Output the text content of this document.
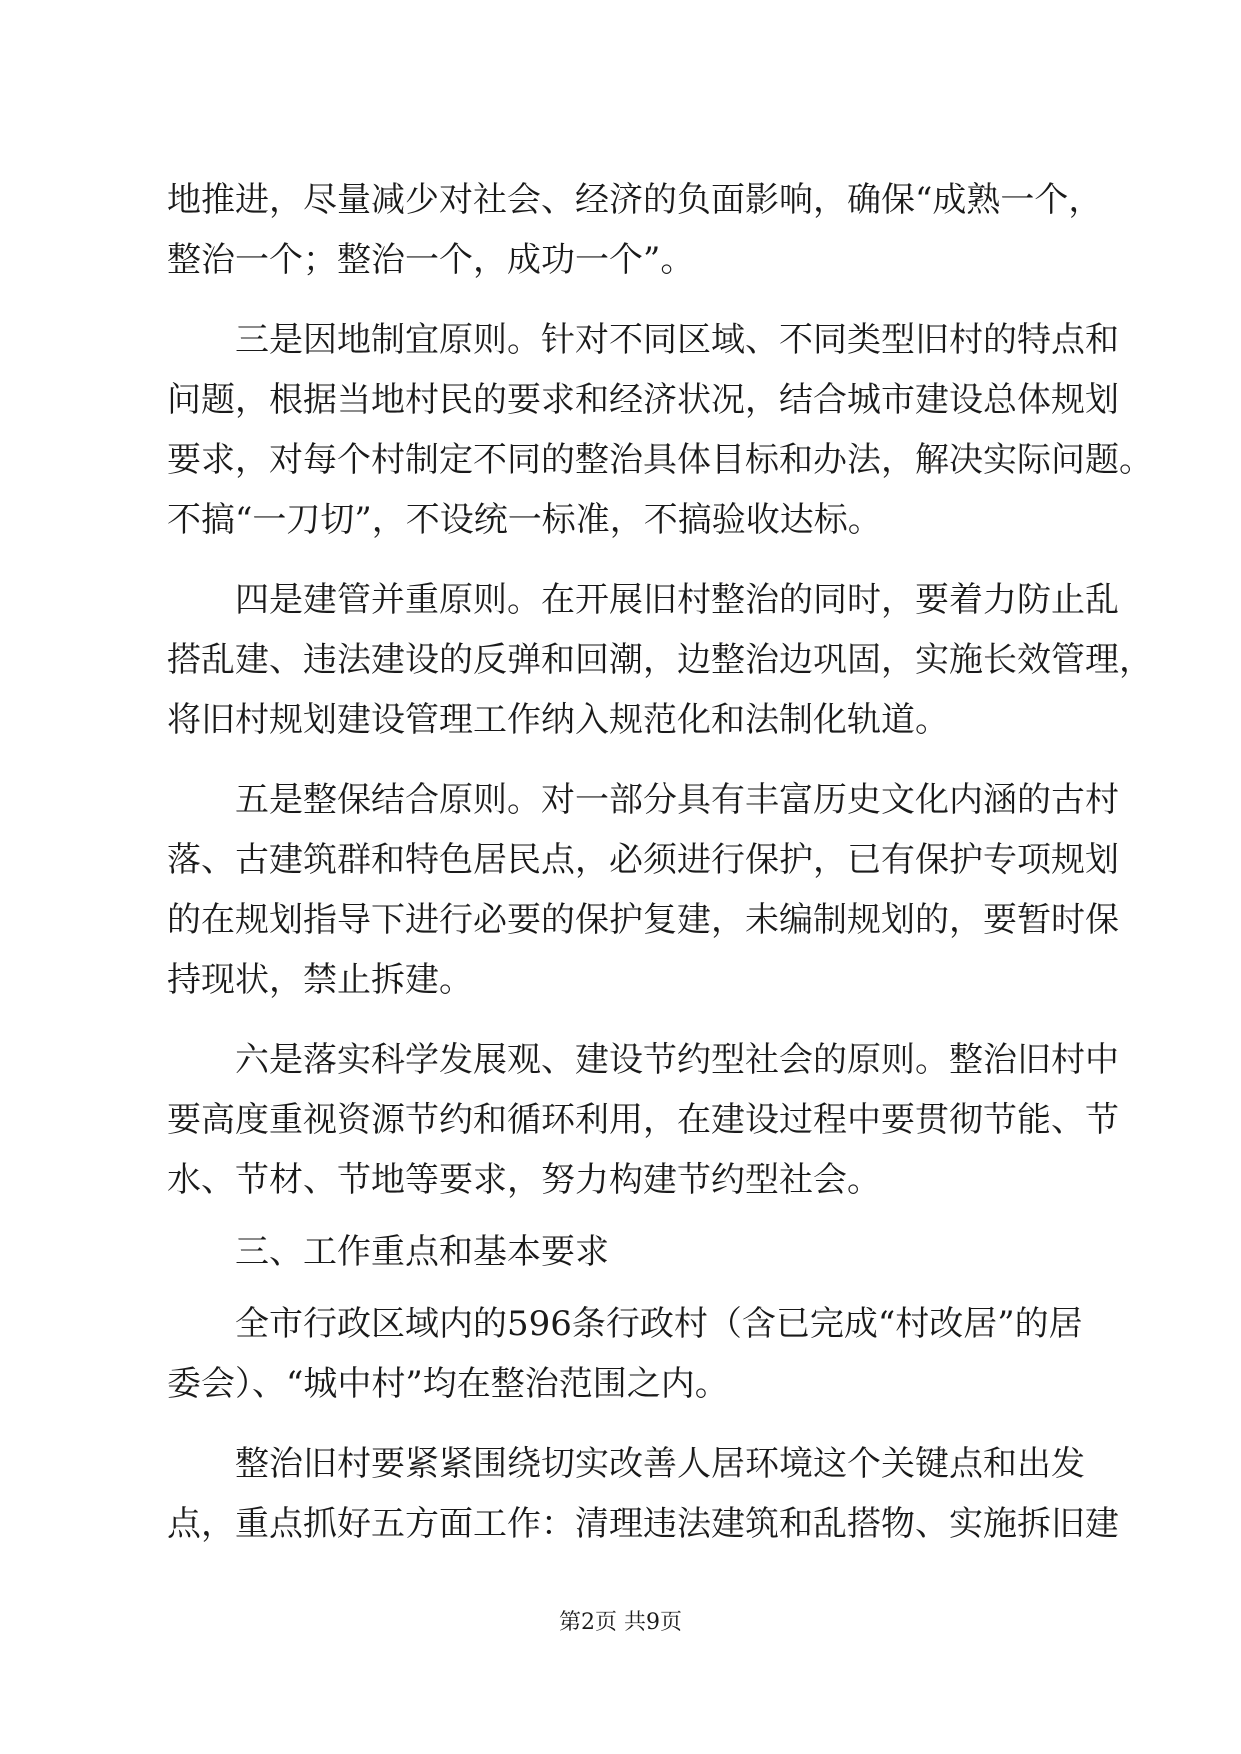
地推进，尽量减少对社会、经济的负面影响，确保“成熟一个，

整治一个；整治一个，成功一个”。

三是因地制宜原则。针对不同区域、不同类型旧村的特点和

问题，根据当地村民的要求和经济状况，结合城市建设总体规划

要求，对每个村制定不同的整治具体目标和办法，解决实际问题。

不搞“一刀切”，不设统一标准，不搞验收达标。

四是建管并重原则。在开展旧村整治的同时，要着力防止乱

搭乱建、违法建设的反弹和回潮，边整治边巩固，实施长效管理，

将旧村规划建设管理工作纳入规范化和法制化轨道。

五是整保结合原则。对一部分具有丰富历史文化内涵的古村

落、古建筑群和特色居民点，必须进行保护，已有保护专项规划

的在规划指导下进行必要的保护复建，未编制规划的，要暂时保

持现状，禁止拆建。

六是落实科学发展观、建设节约型社会的原则。整治旧村中

要高度重视资源节约和循环利用，在建设过程中要贯彻节能、节

水、节材、节地等要求，努力构建节约型社会。

三、工作重点和基本要求

全市行政区域内的596条行政村（含已完成“村改居”的居

委会）、“城中村”均在整治范围之内。

整治旧村要紧紧围绕切实改善人居环境这个关键点和出发

点，重点抓好五方面工作：清理违法建筑和乱搭物、实施拆旧建

第2页 共9页
